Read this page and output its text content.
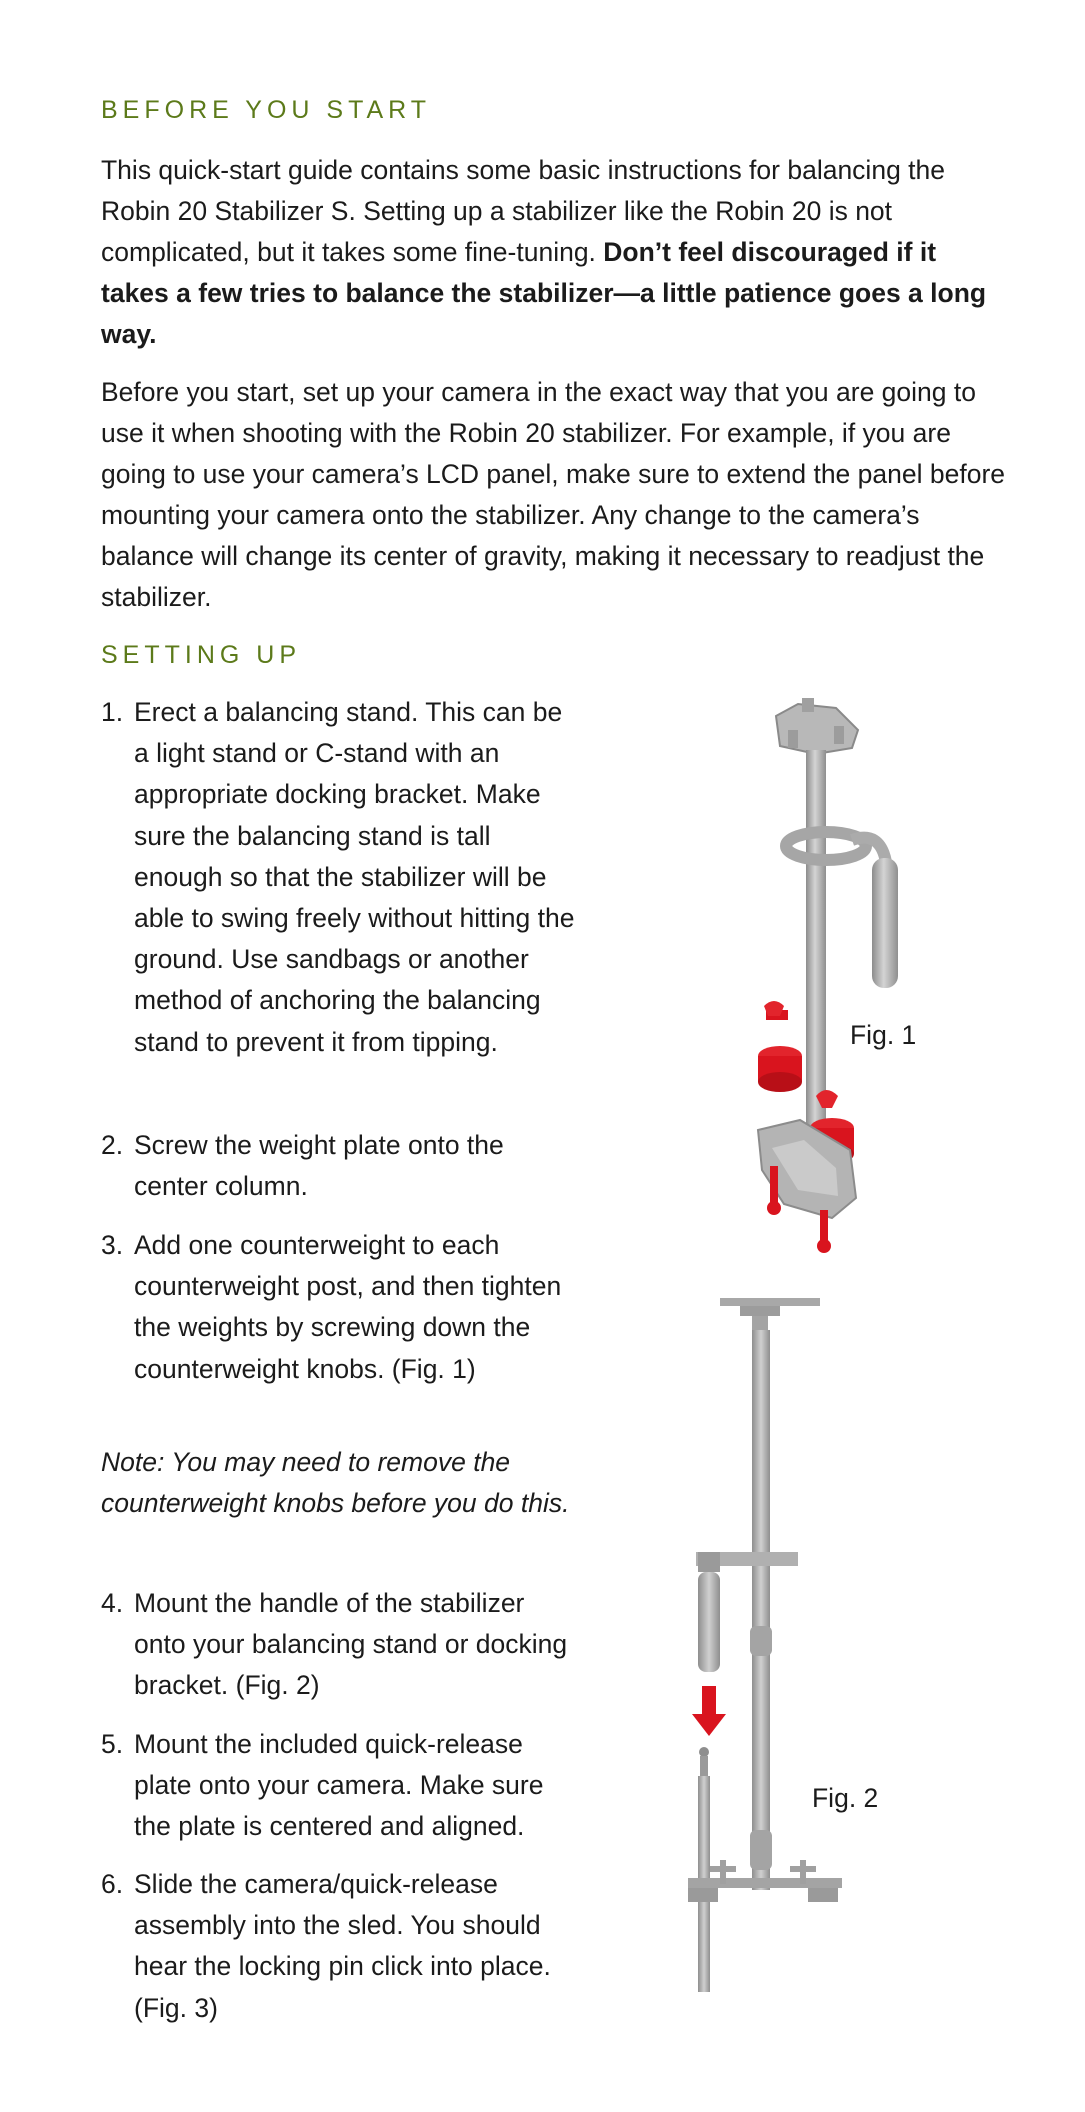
BEFORE YOU START

This quick-start guide contains some basic instructions for balancing the Robin 20 Stabilizer S. Setting up a stabilizer like the Robin 20 is not complicated, but it takes some fine-tuning. Don’t feel discouraged if it takes a few tries to balance the stabilizer—a little patience goes a long way.

Before you start, set up your camera in the exact way that you are going to use it when shooting with the Robin 20 stabilizer. For example, if you are going to use your camera’s LCD panel, make sure to extend the panel before mounting your camera onto the stabilizer. Any change to the camera’s balance will change its center of gravity, making it necessary to readjust the stabilizer.

SETTING UP
1. Erect a balancing stand. This can be a light stand or C-stand with an appropriate docking bracket. Make sure the balancing stand is tall enough so that the stabilizer will be able to swing freely without hitting the ground. Use sandbags or another method of anchoring the balancing stand to prevent it from tipping.
2. Screw the weight plate onto the center column.
3. Add one counterweight to each counterweight post, and then tighten the weights by screwing down the counterweight knobs. (Fig. 1)
4. Mount the handle of the stabilizer onto your balancing stand or docking bracket. (Fig. 2)
5. Mount the included quick-release plate onto your camera. Make sure the plate is centered and aligned.
6. Slide the camera/quick-release assembly into the sled. You should hear the locking pin click into place. (Fig. 3)

Note: You may need to remove the counterweight knobs before you do this.

Fig. 1
Fig. 2
